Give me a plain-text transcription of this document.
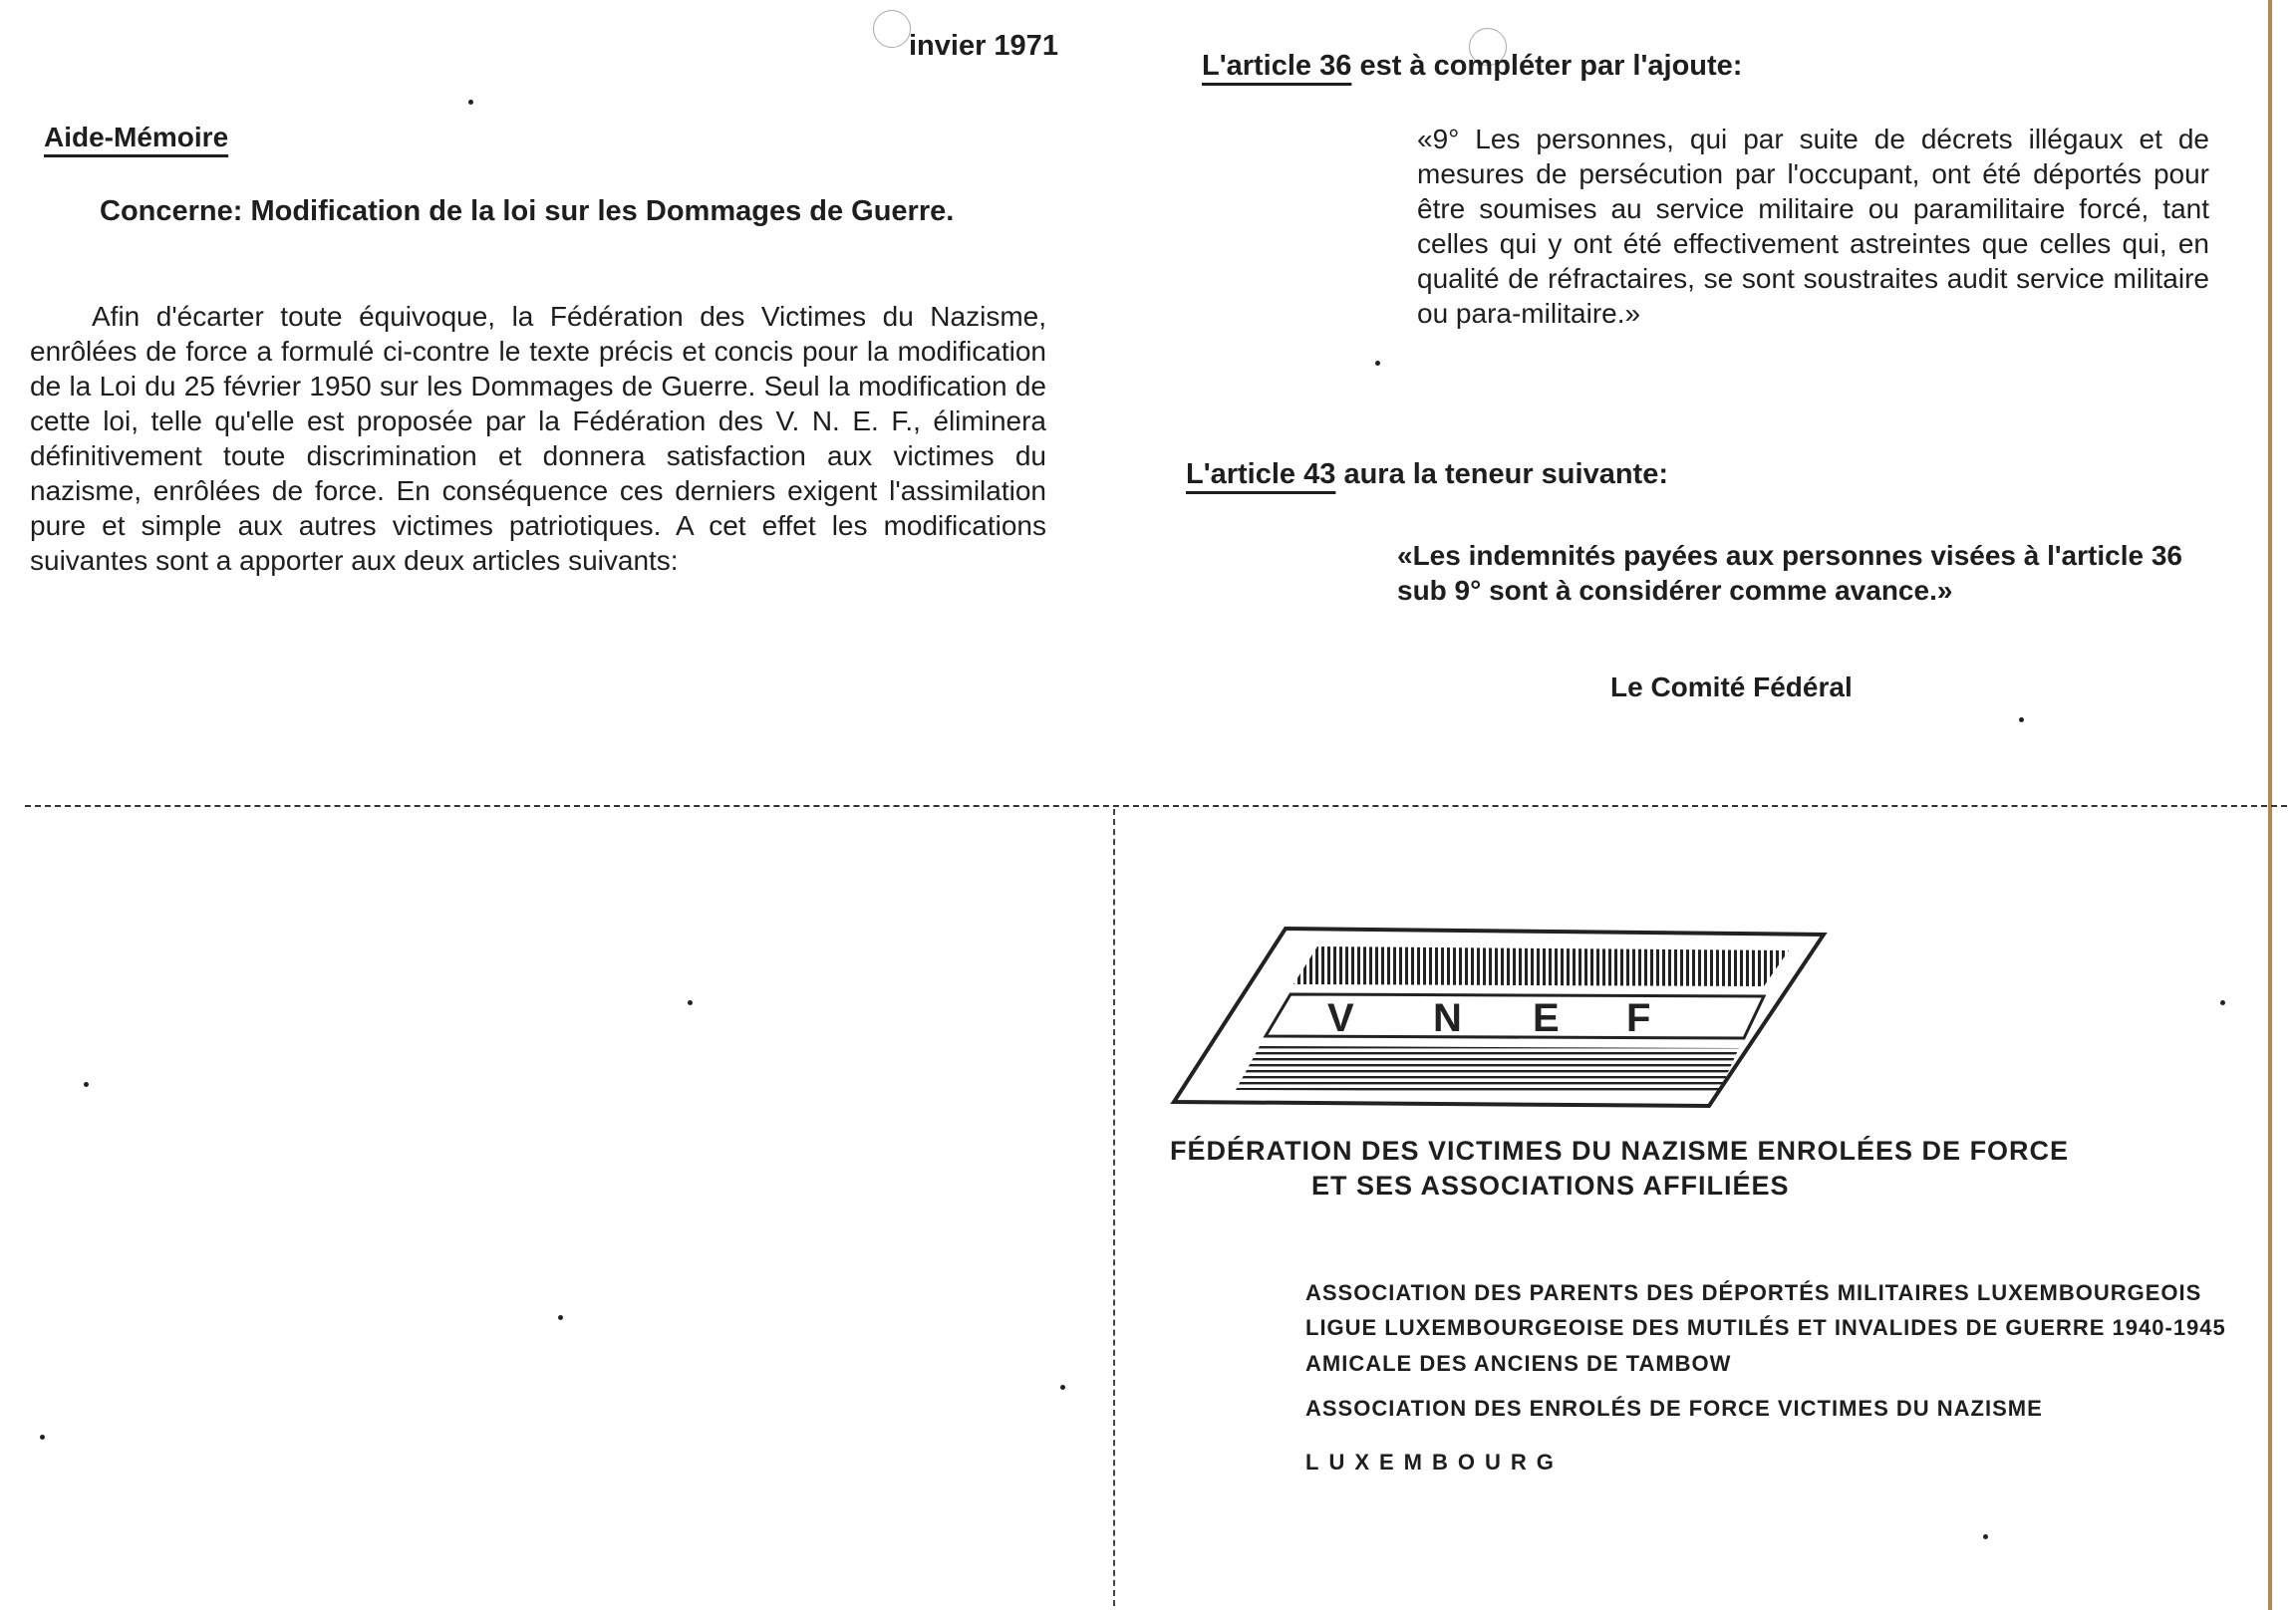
invier 1971
Aide-Mémoire
Concerne: Modification de la loi sur les Dommages de Guerre.
Afin d'écarter toute équivoque, la Fédération des Victimes du Nazisme, enrôlées de force a formulé ci-contre le texte précis et concis pour la modification de la Loi du 25 février 1950 sur les Dommages de Guerre. Seul la modification de cette loi, telle qu'elle est proposée par la Fédération des V. N. E. F., éliminera définitivement toute discrimination et donnera satisfaction aux victimes du nazisme, enrôlées de force. En conséquence ces derniers exigent l'assimilation pure et simple aux autres victimes patriotiques. A cet effet les modifications suivantes sont a apporter aux deux articles suivants:
L'article 36 est à compléter par l'ajoute:
«9° Les personnes, qui par suite de décrets illégaux et de mesures de persécution par l'occupant, ont été déportés pour être soumises au service militaire ou paramilitaire forcé, tant celles qui y ont été effectivement astreintes que celles qui, en qualité de réfractaires, se sont soustraites audit service militaire ou para-militaire.»
L'article 43 aura la teneur suivante:
«Les indemnités payées aux personnes visées à l'article 36 sub 9° sont à considérer comme avance.»
Le Comité Fédéral
V N E F
FÉDÉRATION DES VICTIMES DU NAZISME ENROLÉES DE FORCE
ET SES ASSOCIATIONS AFFILIÉES
ASSOCIATION DES PARENTS DES DÉPORTÉS MILITAIRES LUXEMBOURGEOIS
LIGUE LUXEMBOURGEOISE DES MUTILÉS ET INVALIDES DE GUERRE 1940-1945
AMICALE DES ANCIENS DE TAMBOW
ASSOCIATION DES ENROLÉS DE FORCE VICTIMES DU NAZISME
LUXEMBOURG
